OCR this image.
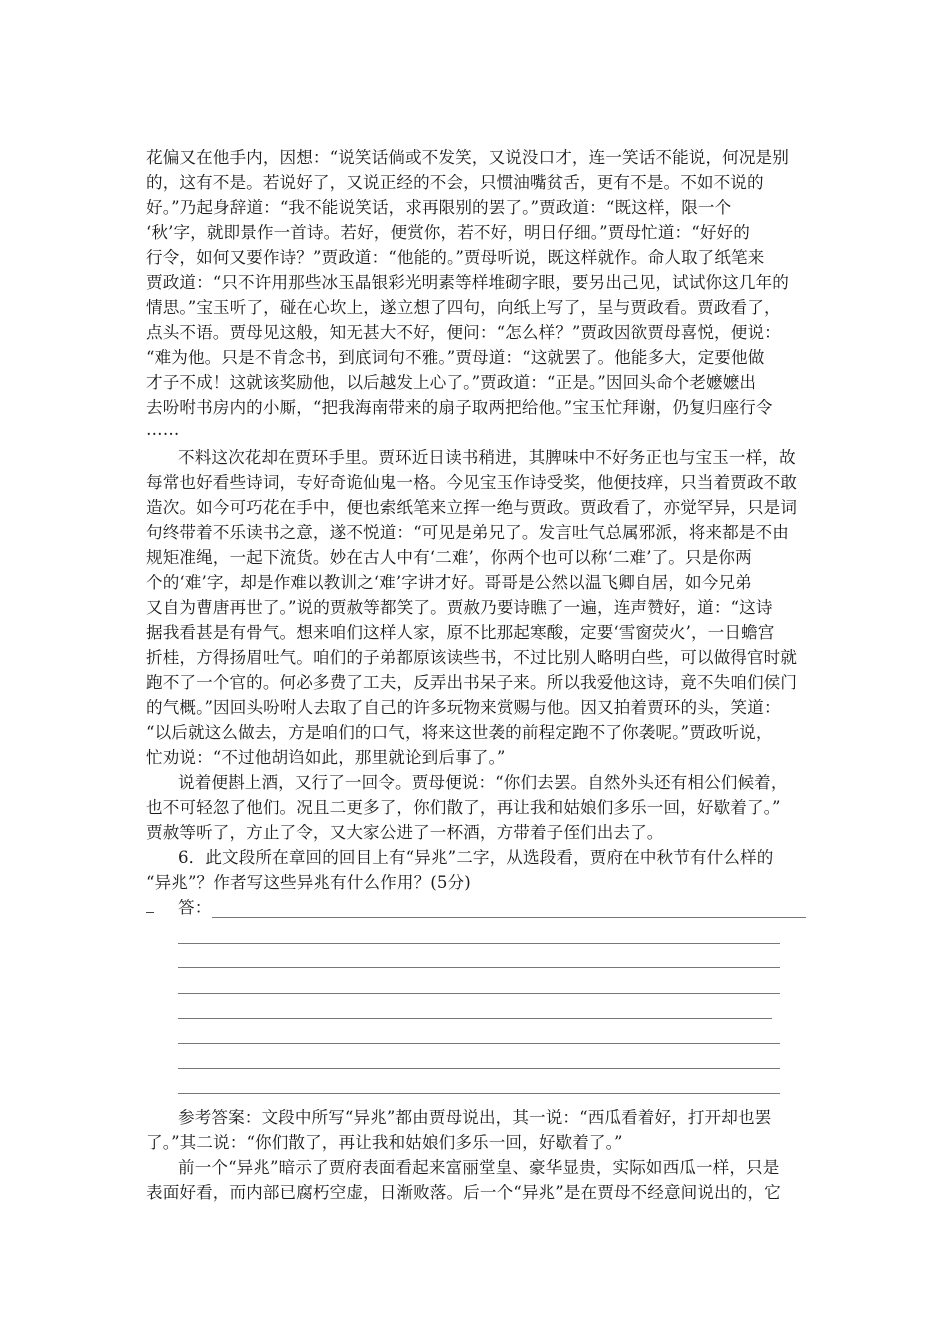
花偏又在他手内，因想：“说笑话倘或不发笑，又说没口才，连一笑话不能说，何况是别
的，这有不是。若说好了，又说正经的不会，只惯油嘴贫舌，更有不是。不如不说的
好。”乃起身辞道：“我不能说笑话，求再限别的罢了。”贾政道：“既这样，限一个
‘秋’字，就即景作一首诗。若好，便赏你，若不好，明日仔细。”贾母忙道：“好好的
行令，如何又要作诗？”贾政道：“他能的。”贾母听说，既这样就作。命人取了纸笔来
贾政道：“只不许用那些冰玉晶银彩光明素等样堆砌字眼，要另出己见，试试你这几年的
情思。”宝玉听了，碰在心坎上，遂立想了四句，向纸上写了，呈与贾政看。贾政看了，
点头不语。贾母见这般，知无甚大不好，便问：“怎么样？”贾政因欲贾母喜悦，便说：
“难为他。只是不肯念书，到底词句不雅。”贾母道：“这就罢了。他能多大，定要他做
才子不成！这就该奖励他，以后越发上心了。”贾政道：“正是。”因回头命个老嬷嬷出
去吩咐书房内的小厮，“把我海南带来的扇子取两把给他。”宝玉忙拜谢，仍复归座行令
……
不料这次花却在贾环手里。贾环近日读书稍进，其脾味中不好务正也与宝玉一样，故
每常也好看些诗词，专好奇诡仙鬼一格。今见宝玉作诗受奖，他便技痒，只当着贾政不敢
造次。如今可巧花在手中，便也索纸笔来立挥一绝与贾政。贾政看了，亦觉罕异，只是词
句终带着不乐读书之意，遂不悦道：“可见是弟兄了。发言吐气总属邪派，将来都是不由
规矩准绳，一起下流货。妙在古人中有‘二难’，你两个也可以称‘二难’了。只是你两
个的‘难’字，却是作难以教训之‘难’字讲才好。哥哥是公然以温飞卿自居，如今兄弟
又自为曹唐再世了。”说的贾赦等都笑了。贾赦乃要诗瞧了一遍，连声赞好，道：“这诗
据我看甚是有骨气。想来咱们这样人家，原不比那起寒酸，定要‘雪窗荧火’，一日蟾宫
折桂，方得扬眉吐气。咱们的子弟都原该读些书，不过比别人略明白些，可以做得官时就
跑不了一个官的。何必多费了工夫，反弄出书呆子来。所以我爱他这诗，竟不失咱们侯门
的气概。”因回头吩咐人去取了自己的许多玩物来赏赐与他。因又拍着贾环的头，笑道：
“以后就这么做去，方是咱们的口气，将来这世袭的前程定跑不了你袭呢。”贾政听说，
忙劝说：“不过他胡诌如此，那里就论到后事了。”
说着便斟上酒，又行了一回令。贾母便说：“你们去罢。自然外头还有相公们候着，
也不可轻忽了他们。况且二更多了，你们散了，再让我和姑娘们多乐一回，好歇着了。”
贾赦等听了，方止了令，又大家公进了一杯酒，方带着子侄们出去了。
6．此文段所在章回的回目上有“异兆”二字，从选段看，贾府在中秋节有什么样的
“异兆”？作者写这些异兆有什么作用？(5分)
答：
参考答案：文段中所写“异兆”都由贾母说出，其一说：“西瓜看着好，打开却也罢
了。”其二说：“你们散了，再让我和姑娘们多乐一回，好歇着了。”
前一个“异兆”暗示了贾府表面看起来富丽堂皇、豪华显贵，实际如西瓜一样，只是
表面好看，而内部已腐朽空虚，日渐败落。后一个“异兆”是在贾母不经意间说出的，它
